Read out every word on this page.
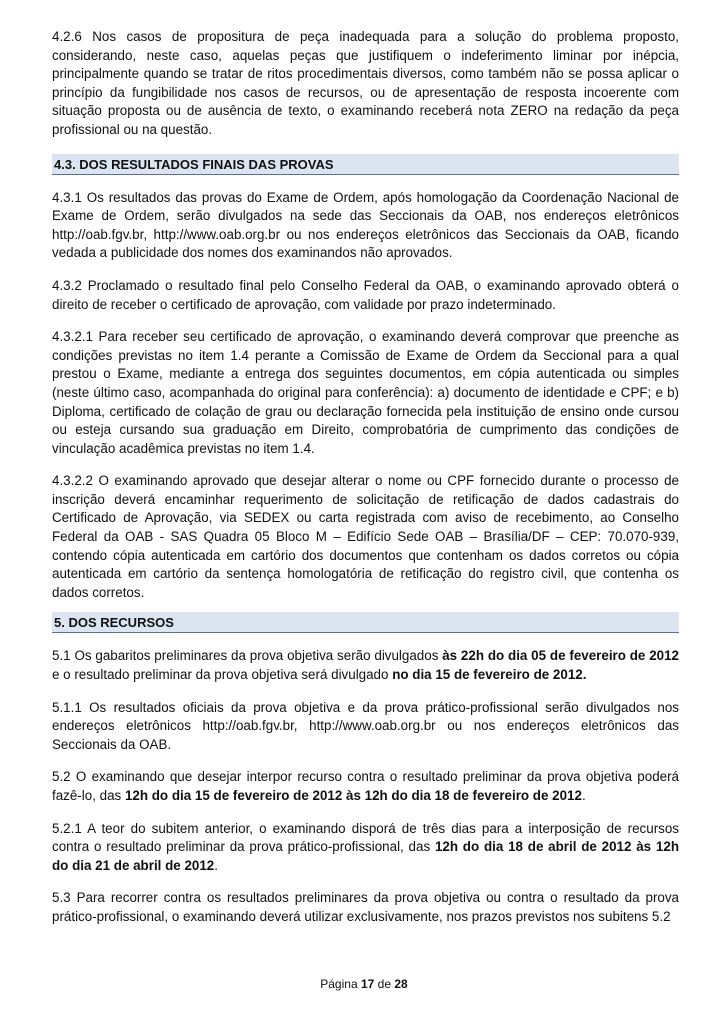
4.2.6 Nos casos de propositura de peça inadequada para a solução do problema proposto, considerando, neste caso, aquelas peças que justifiquem o indeferimento liminar por inépcia, principalmente quando se tratar de ritos procedimentais diversos, como também não se possa aplicar o princípio da fungibilidade nos casos de recursos, ou de apresentação de resposta incoerente com situação proposta ou de ausência de texto, o examinando receberá nota ZERO na redação da peça profissional ou na questão.

4.3. DOS RESULTADOS FINAIS DAS PROVAS

4.3.1 Os resultados das provas do Exame de Ordem, após homologação da Coordenação Nacional de Exame de Ordem, serão divulgados na sede das Seccionais da OAB, nos endereços eletrônicos http://oab.fgv.br, http://www.oab.org.br ou nos endereços eletrônicos das Seccionais da OAB, ficando vedada a publicidade dos nomes dos examinandos não aprovados.

4.3.2 Proclamado o resultado final pelo Conselho Federal da OAB, o examinando aprovado obterá o direito de receber o certificado de aprovação, com validade por prazo indeterminado.

4.3.2.1 Para receber seu certificado de aprovação, o examinando deverá comprovar que preenche as condições previstas no item 1.4 perante a Comissão de Exame de Ordem da Seccional para a qual prestou o Exame, mediante a entrega dos seguintes documentos, em cópia autenticada ou simples (neste último caso, acompanhada do original para conferência): a) documento de identidade e CPF; e b) Diploma, certificado de colação de grau ou declaração fornecida pela instituição de ensino onde cursou ou esteja cursando sua graduação em Direito, comprobatória de cumprimento das condições de vinculação acadêmica previstas no item 1.4.

4.3.2.2 O examinando aprovado que desejar alterar o nome ou CPF fornecido durante o processo de inscrição deverá encaminhar requerimento de solicitação de retificação de dados cadastrais do Certificado de Aprovação, via SEDEX ou carta registrada com aviso de recebimento, ao Conselho Federal da OAB - SAS Quadra 05 Bloco M – Edifício Sede OAB – Brasília/DF – CEP: 70.070-939, contendo cópia autenticada em cartório dos documentos que contenham os dados corretos ou cópia autenticada em cartório da sentença homologatória de retificação do registro civil, que contenha os dados corretos.

5. DOS RECURSOS

5.1 Os gabaritos preliminares da prova objetiva serão divulgados às 22h do dia 05 de fevereiro de 2012 e o resultado preliminar da prova objetiva será divulgado no dia 15 de fevereiro de 2012.

5.1.1 Os resultados oficiais da prova objetiva e da prova prático-profissional serão divulgados nos endereços eletrônicos http://oab.fgv.br, http://www.oab.org.br ou nos endereços eletrônicos das Seccionais da OAB.

5.2 O examinando que desejar interpor recurso contra o resultado preliminar da prova objetiva poderá fazê-lo, das 12h do dia 15 de fevereiro de 2012 às 12h do dia 18 de fevereiro de 2012.

5.2.1 A teor do subitem anterior, o examinando disporá de três dias para a interposição de recursos contra o resultado preliminar da prova prático-profissional, das 12h do dia 18 de abril de 2012 às 12h do dia 21 de abril de 2012.

5.3 Para recorrer contra os resultados preliminares da prova objetiva ou contra o resultado da prova prático-profissional, o examinando deverá utilizar exclusivamente, nos prazos previstos nos subitens 5.2

Página 17 de 28
